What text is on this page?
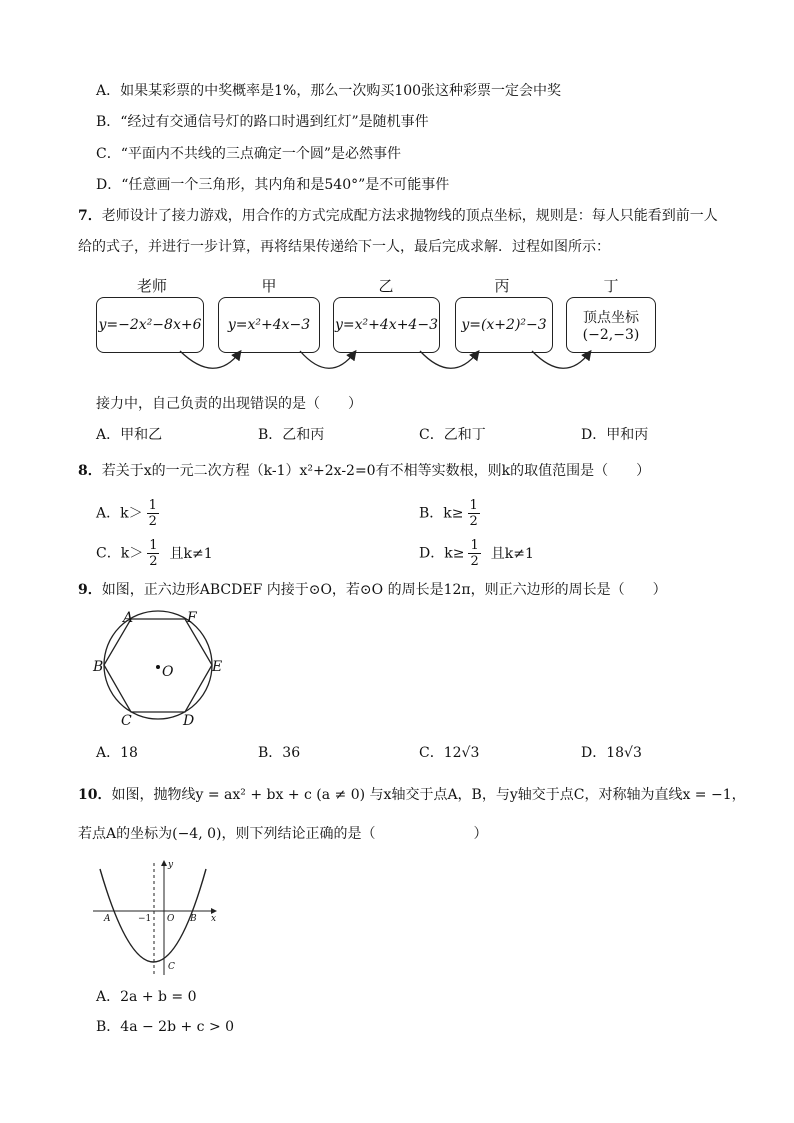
A．如果某彩票的中奖概率是1%，那么一次购买100张这种彩票一定会中奖
B．“经过有交通信号灯的路口时遇到红灯”是随机事件
C．“平面内不共线的三点确定一个圆”是必然事件
D．“任意画一个三角形，其内角和是540°”是不可能事件
7．老师设计了接力游戏，用合作的方式完成配方法求抛物线的顶点坐标，规则是：每人只能看到前一人
给的式子，并进行一步计算，再将结果传递给下一人，最后完成求解．过程如图所示：
老师	甲	乙	丙	丁
y=−2x²−8x+6	y=x²+4x−3	y=x²+4x+4−3	y=(x+2)²−3	顶点坐标
(−2,−3)
接力中，自己负责的出现错误的是（　　）
A．甲和乙	B．乙和丙	C．乙和丁	D．甲和丙
8．若关于x的一元二次方程（k-1）x²+2x-2=0有不相等实数根，则k的取值范围是（　　）
A．$k> \frac{1}{2}$	B．$k\ge \frac{1}{2}$
C．$k> \frac{1}{2}$ 且k≠1	D．$k\ge \frac{1}{2}$ 且k≠1
9．如图，正六边形ABCDEF 内接于⊙O，若⊙O 的周长是12π，则正六边形的周长是（　　）
A	F
B	E
C	D
O
A．18	B．36	C．12√3	D．18√3
10．如图，抛物线y = ax² + bx + c (a ≠ 0) 与x轴交于点A，B，与y轴交于点C，对称轴为直线x = −1，
若点A的坐标为(−4, 0)，则下列结论正确的是（　　　　　　　）
A	−1 O B x
y
C
A．2a + b = 0
B．4a − 2b + c > 0
